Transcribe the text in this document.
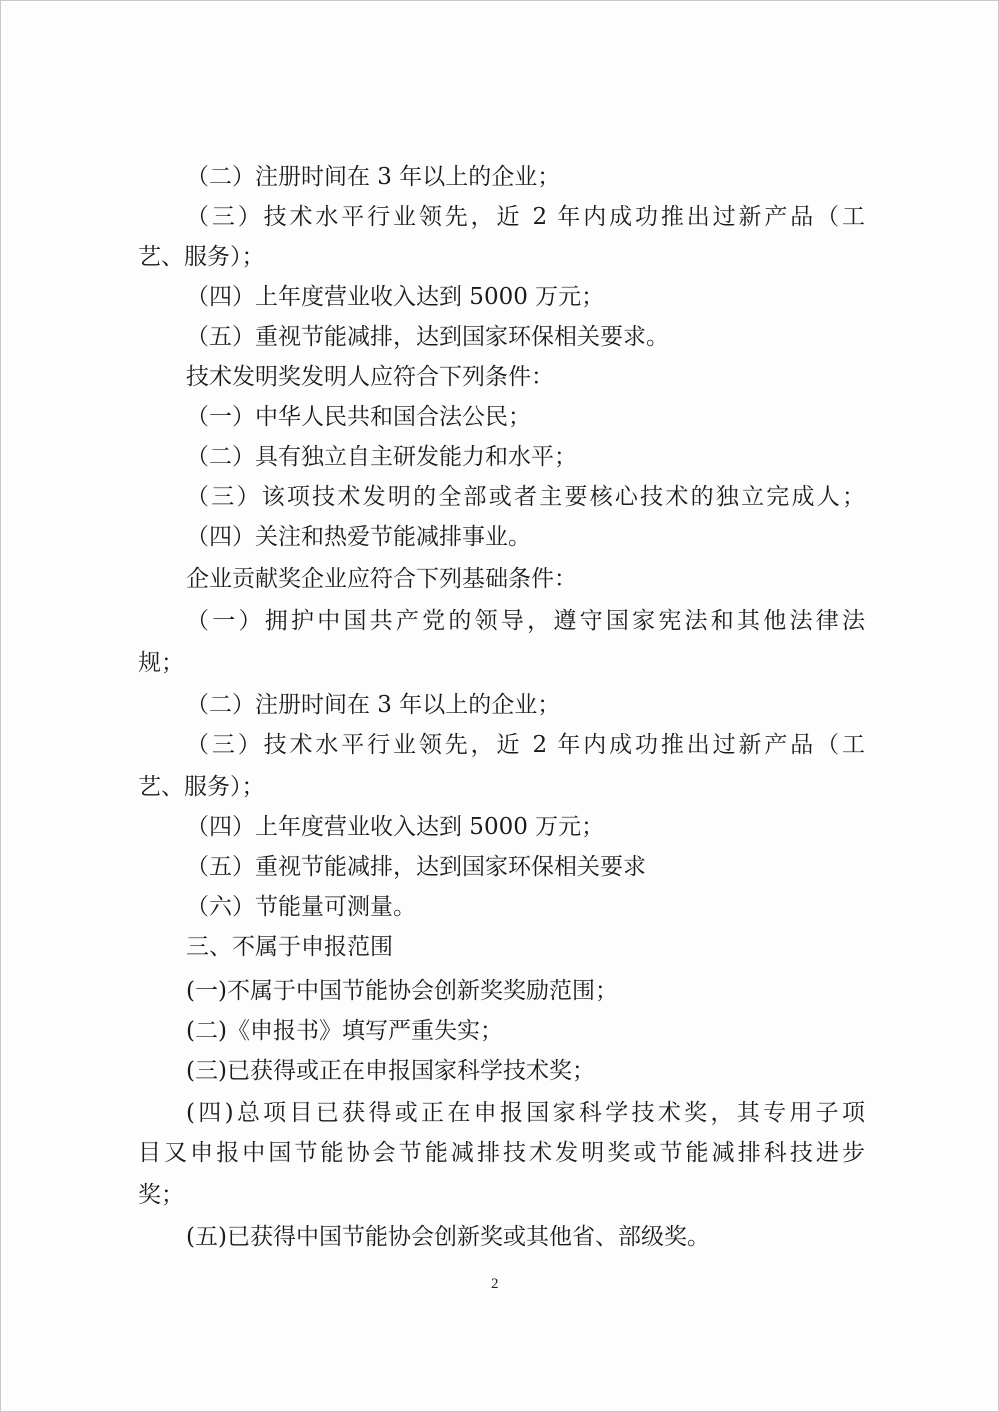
（二）注册时间在 3 年以上的企业；
（三）技术水平行业领先，近 2 年内成功推出过新产品（工
艺、服务）；
（四）上年度营业收入达到 5000 万元；
（五）重视节能减排，达到国家环保相关要求。
技术发明奖发明人应符合下列条件：
（一）中华人民共和国合法公民；
（二）具有独立自主研发能力和水平；
（三）该项技术发明的全部或者主要核心技术的独立完成人；
（四）关注和热爱节能减排事业。
企业贡献奖企业应符合下列基础条件：
（一）拥护中国共产党的领导，遵守国家宪法和其他法律法
规；
（二）注册时间在 3 年以上的企业；
（三）技术水平行业领先，近 2 年内成功推出过新产品（工
艺、服务）；
（四）上年度营业收入达到 5000 万元；
（五）重视节能减排，达到国家环保相关要求
（六）节能量可测量。
三、不属于申报范围
(一)不属于中国节能协会创新奖奖励范围；
(二)《申报书》填写严重失实；
(三)已获得或正在申报国家科学技术奖；
(四)总项目已获得或正在申报国家科学技术奖，其专用子项
目又申报中国节能协会节能减排技术发明奖或节能减排科技进步
奖；
(五)已获得中国节能协会创新奖或其他省、部级奖。
2
